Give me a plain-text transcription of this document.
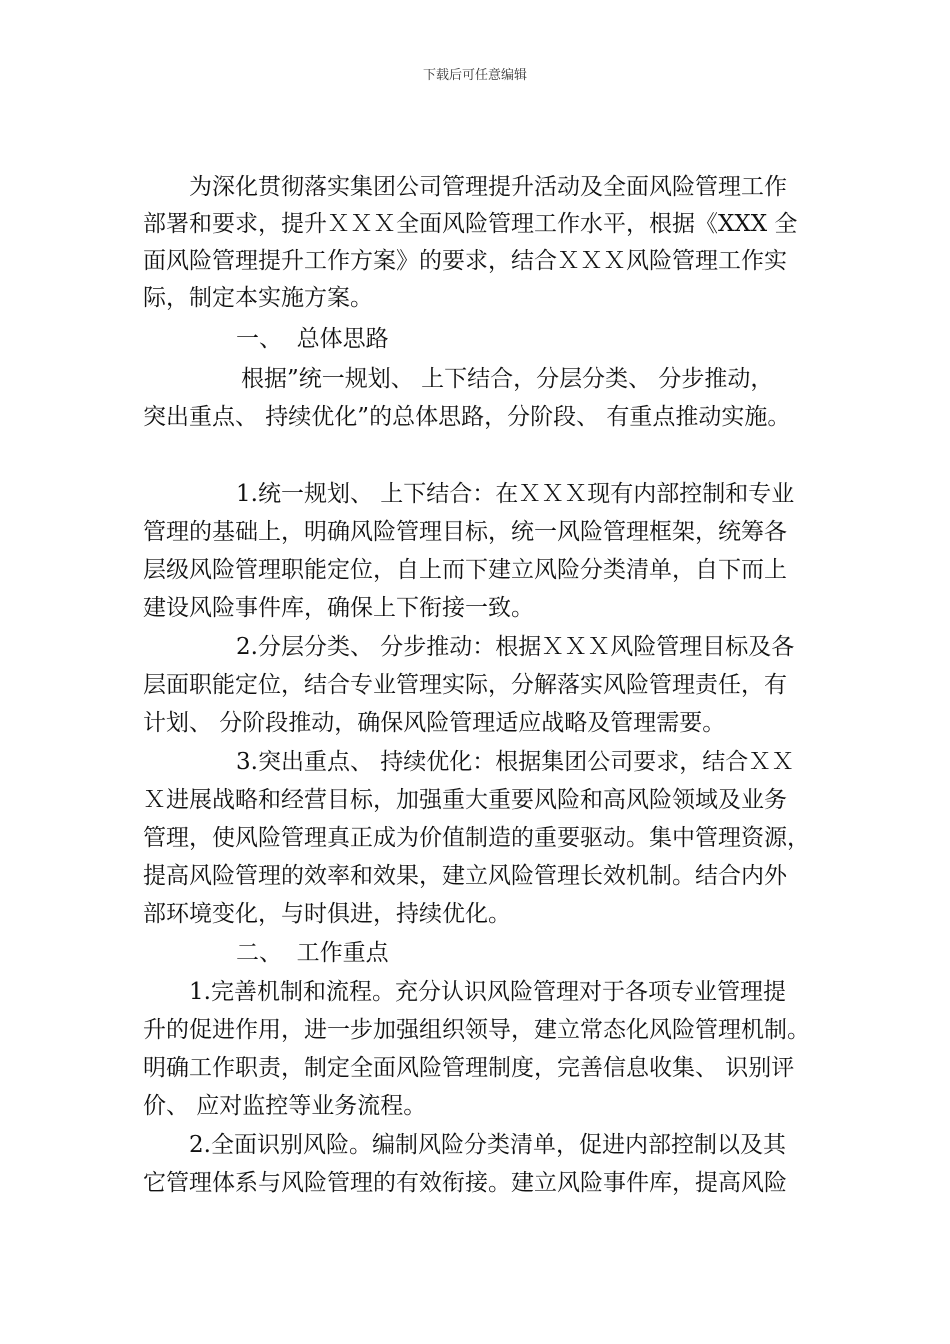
下载后可任意编辑
为深化贯彻落实集团公司管理提升活动及全面风险管理工作
部署和要求，提升ＸＸＸ全面风险管理工作水平，根据《XXX 全
面风险管理提升工作方案》的要求，结合ＸＸＸ风险管理工作实
际，制定本实施方案。
一、  总体思路
根据”统一规划、 上下结合，分层分类、 分步推动，
突出重点、 持续优化”的总体思路，分阶段、 有重点推动实施。
1.统一规划、 上下结合：在ＸＸＸ现有内部控制和专业
管理的基础上，明确风险管理目标，统一风险管理框架，统筹各
层级风险管理职能定位，自上而下建立风险分类清单，自下而上
建设风险事件库，确保上下衔接一致。
2.分层分类、 分步推动：根据ＸＸＸ风险管理目标及各
层面职能定位，结合专业管理实际，分解落实风险管理责任，有
计划、 分阶段推动，确保风险管理适应战略及管理需要。
3.突出重点、 持续优化：根据集团公司要求，结合ＸＸ
Ｘ进展战略和经营目标，加强重大重要风险和高风险领域及业务
管理，使风险管理真正成为价值制造的重要驱动。集中管理资源，
提高风险管理的效率和效果，建立风险管理长效机制。结合内外
部环境变化，与时俱进，持续优化。
二、  工作重点
1.完善机制和流程。充分认识风险管理对于各项专业管理提
升的促进作用，进一步加强组织领导，建立常态化风险管理机制。
明确工作职责，制定全面风险管理制度，完善信息收集、 识别评
价、 应对监控等业务流程。
2.全面识别风险。编制风险分类清单，促进内部控制以及其
它管理体系与风险管理的有效衔接。建立风险事件库，提高风险
